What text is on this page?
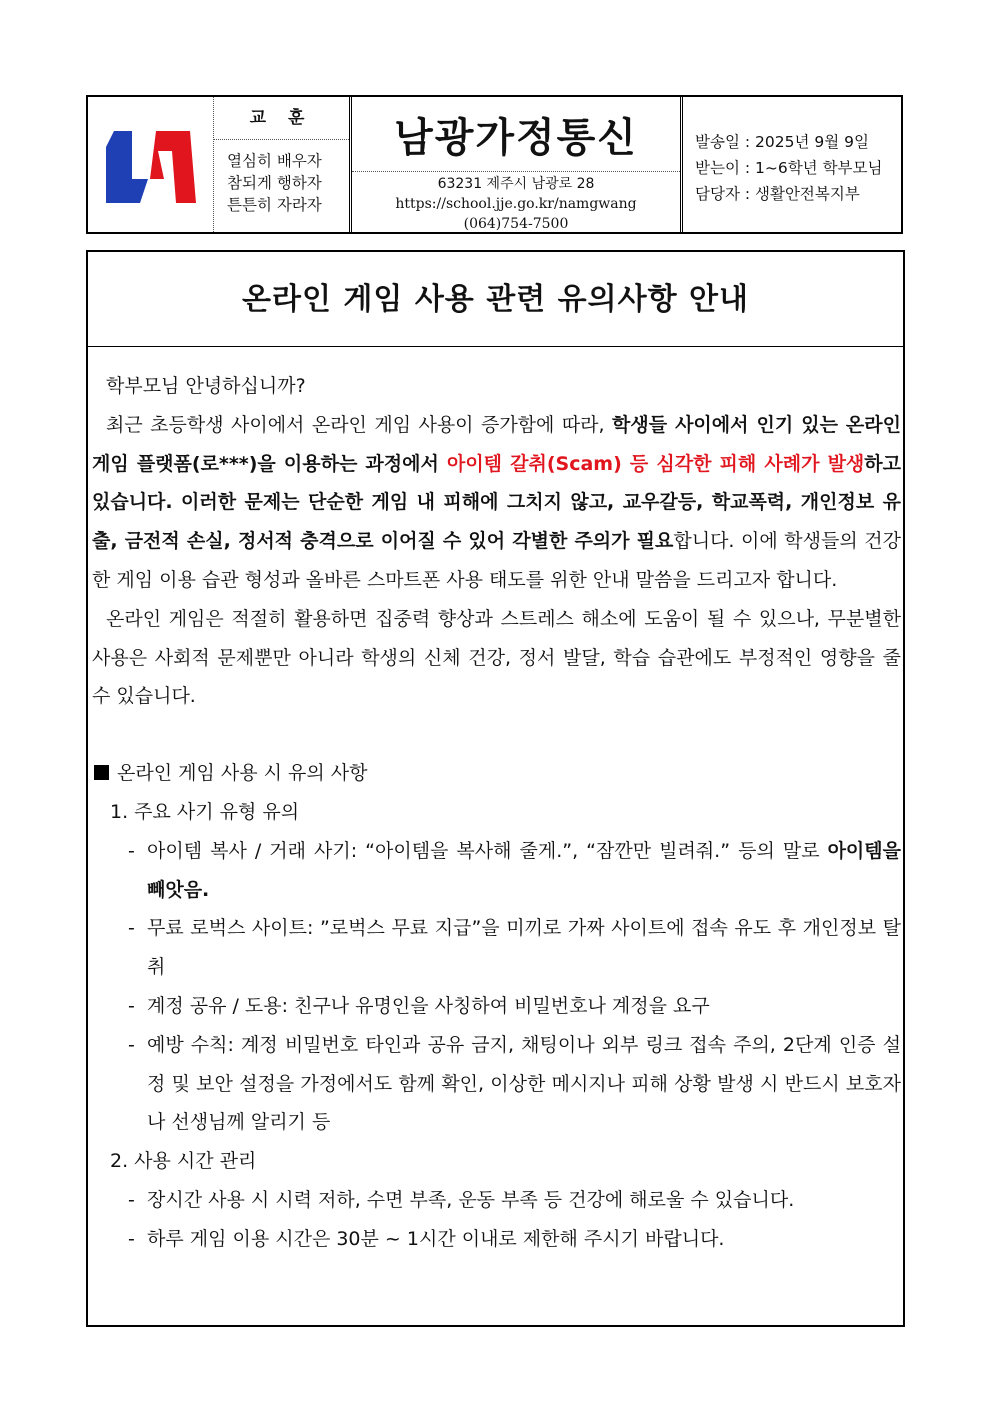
교 훈
열심히 배우자
참되게 행하자
튼튼히 자라자
남광가정통신
63231 제주시 남광로 28
https://school.jje.go.kr/namgwang
(064)754-7500
발송일 : 2025년 9월 9일
받는이 : 1~6학년 학부모님
담당자 : 생활안전복지부
온라인 게임 사용 관련 유의사항 안내
학부모님 안녕하십니까?
최근 초등학생 사이에서 온라인 게임 사용이 증가함에 따라, 학생들 사이에서 인기 있는 온라인 게임 플랫폼(로***)을 이용하는 과정에서 아이템 갈취(Scam) 등 심각한 피해 사례가 발생하고 있습니다. 이러한 문제는 단순한 게임 내 피해에 그치지 않고, 교우갈등, 학교폭력, 개인정보 유출, 금전적 손실, 정서적 충격으로 이어질 수 있어 각별한 주의가 필요합니다. 이에 학생들의 건강한 게임 이용 습관 형성과 올바른 스마트폰 사용 태도를 위한 안내 말씀을 드리고자 합니다.
온라인 게임은 적절히 활용하면 집중력 향상과 스트레스 해소에 도움이 될 수 있으나, 무분별한 사용은 사회적 문제뿐만 아니라 학생의 신체 건강, 정서 발달, 학습 습관에도 부정적인 영향을 줄 수 있습니다.
온라인 게임 사용 시 유의 사항
1. 주요 사기 유형 유의
- 아이템 복사 / 거래 사기: “아이템을 복사해 줄게.”, “잠깐만 빌려줘.” 등의 말로 아이템을 빼앗음.
- 무료 로벅스 사이트: ”로벅스 무료 지급”을 미끼로 가짜 사이트에 접속 유도 후 개인정보 탈취
- 계정 공유 / 도용: 친구나 유명인을 사칭하여 비밀번호나 계정을 요구
- 예방 수칙: 계정 비밀번호 타인과 공유 금지, 채팅이나 외부 링크 접속 주의, 2단계 인증 설정 및 보안 설정을 가정에서도 함께 확인, 이상한 메시지나 피해 상황 발생 시 반드시 보호자나 선생님께 알리기 등
2. 사용 시간 관리
- 장시간 사용 시 시력 저하, 수면 부족, 운동 부족 등 건강에 해로울 수 있습니다.
- 하루 게임 이용 시간은 30분 ~ 1시간 이내로 제한해 주시기 바랍니다.
